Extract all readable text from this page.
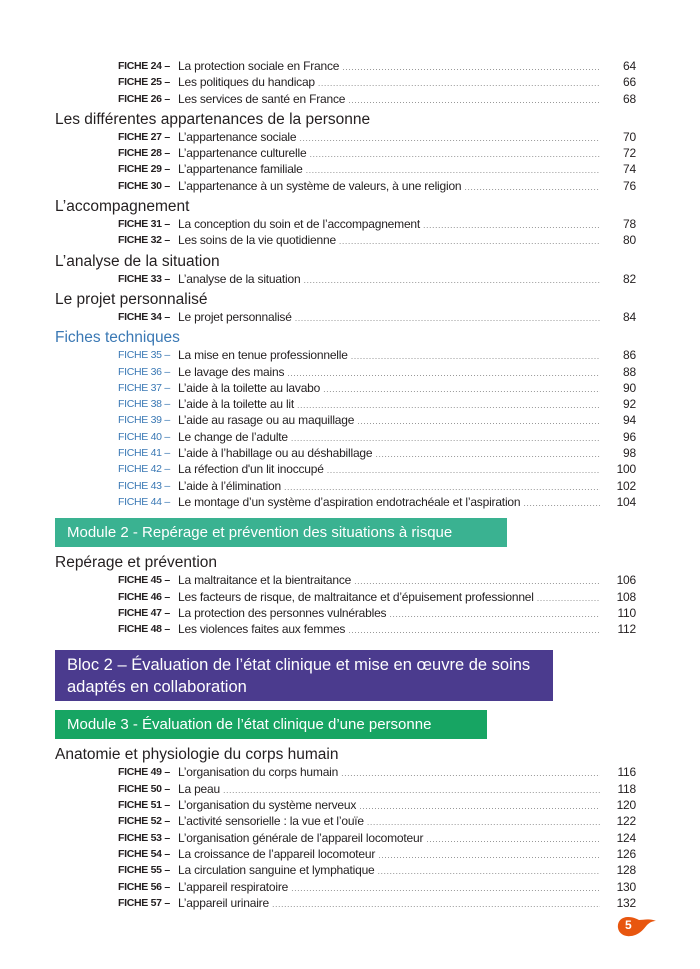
FICHE 24 – La protection sociale en France .....	64
FICHE 25 – Les politiques du handicap .....	66
FICHE 26 – Les services de santé en France .....	68
Les différentes appartenances de la personne
FICHE 27 – L’appartenance sociale .....	70
FICHE 28 – L’appartenance culturelle .....	72
FICHE 29 – L’appartenance familiale .....	74
FICHE 30 – L’appartenance à un système de valeurs, à une religion .....	76
L’accompagnement
FICHE 31 – La conception du soin et de l’accompagnement .....	78
FICHE 32 – Les soins de la vie quotidienne .....	80
L’analyse de la situation
FICHE 33 – L’analyse de la situation .....	82
Le projet personnalisé
FICHE 34 – Le projet personnalisé .....	84
Fiches techniques
FICHE 35 – La mise en tenue professionnelle .....	86
FICHE 36 – Le lavage des mains .....	88
FICHE 37 – L’aide à la toilette au lavabo .....	90
FICHE 38 – L’aide à la toilette au lit .....	92
FICHE 39 – L’aide au rasage ou au maquillage .....	94
FICHE 40 – Le change de l’adulte .....	96
FICHE 41 – L’aide à l’habillage ou au déshabillage .....	98
FICHE 42 – La réfection d'un lit inoccupé .....	100
FICHE 43 – L’aide à l’élimination .....	102
FICHE 44 – Le montage d’un système d’aspiration endotrachéale et l’aspiration .....	104
Module 2 - Repérage et prévention des situations à risque
Repérage et prévention
FICHE 45 – La maltraitance et la bientraitance .....	106
FICHE 46 – Les facteurs de risque, de maltraitance et d’épuisement professionnel .....	108
FICHE 47 – La protection des personnes vulnérables .....	110
FICHE 48 – Les violences faites aux femmes .....	112
Bloc 2 – Évaluation de l’état clinique et mise en œuvre de soins adaptés en collaboration
Module 3 - Évaluation de l’état clinique d’une personne
Anatomie et physiologie du corps humain
FICHE 49 – L’organisation du corps humain .....	116
FICHE 50 – La peau .....	118
FICHE 51 – L’organisation du système nerveux .....	120
FICHE 52 – L’activité sensorielle : la vue et l’ouïe .....	122
FICHE 53 – L’organisation générale de l’appareil locomoteur .....	124
FICHE 54 – La croissance de l’appareil locomoteur .....	126
FICHE 55 – La circulation sanguine et lymphatique .....	128
FICHE 56 – L’appareil respiratoire .....	130
FICHE 57 – L’appareil urinaire .....	132
5
